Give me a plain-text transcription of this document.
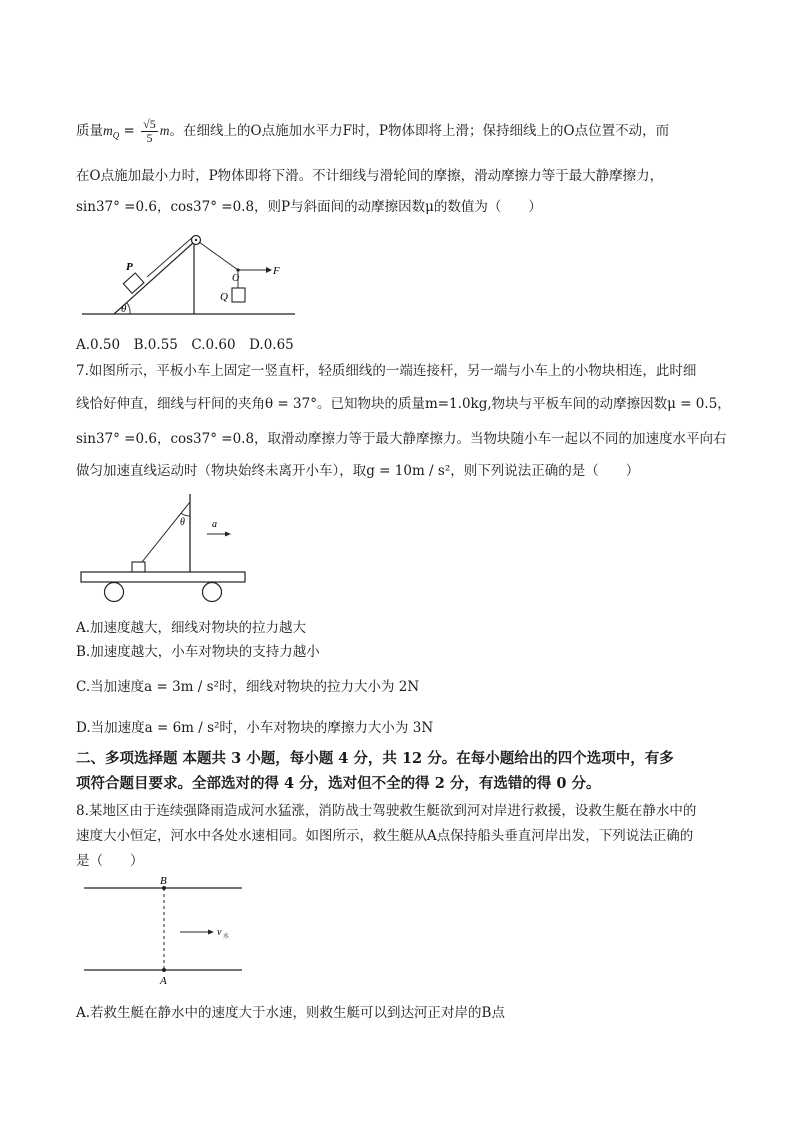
质量$m_Q = \frac{√5}{5}$ m。在细线上的O点施加水平力F时，P物体即将上滑；保持细线上的O点位置不动，而
在O点施加最小力时，P物体即将下滑。不计细线与滑轮间的摩擦，滑动摩擦力等于最大静摩擦力，
sin37° =0.6，cos37° =0.8，则P与斜面间的动摩擦因数μ的数值为（　　）
θ
P
O
F
Q
A.0.50　B.0.55　C.0.60　D.0.65
7.如图所示，平板小车上固定一竖直杆，轻质细线的一端连接杆，另一端与小车上的小物块相连，此时细
线恰好伸直，细线与杆间的夹角θ = 37°。已知物块的质量m=1.0kg,物块与平板车间的动摩擦因数μ = 0.5，
sin37° =0.6，cos37° =0.8，取滑动摩擦力等于最大静摩擦力。当物块随小车一起以不同的加速度水平向右
做匀加速直线运动时（物块始终未离开小车），取g = 10m / s²，则下列说法正确的是（　　）
θ	a
A.加速度越大，细线对物块的拉力越大
B.加速度越大，小车对物块的支持力越小
C.当加速度a = 3m / s²时，细线对物块的拉力大小为 2N
D.当加速度a = 6m / s²时，小车对物块的摩擦力大小为 3N
二、多项选择题 本题共 3 小题，每小题 4 分，共 12 分。在每小题给出的四个选项中，有多
项符合题目要求。全部选对的得 4 分，选对但不全的得 2 分，有选错的得 0 分。
8.某地区由于连续强降雨造成河水猛涨，消防战士驾驶救生艇欲到河对岸进行救援，设救生艇在静水中的
速度大小恒定，河水中各处水速相同。如图所示，救生艇从A点保持船头垂直河岸出发，下列说法正确的
是（　　）
B
A
v 水
A.若救生艇在静水中的速度大于水速，则救生艇可以到达河正对岸的B点
